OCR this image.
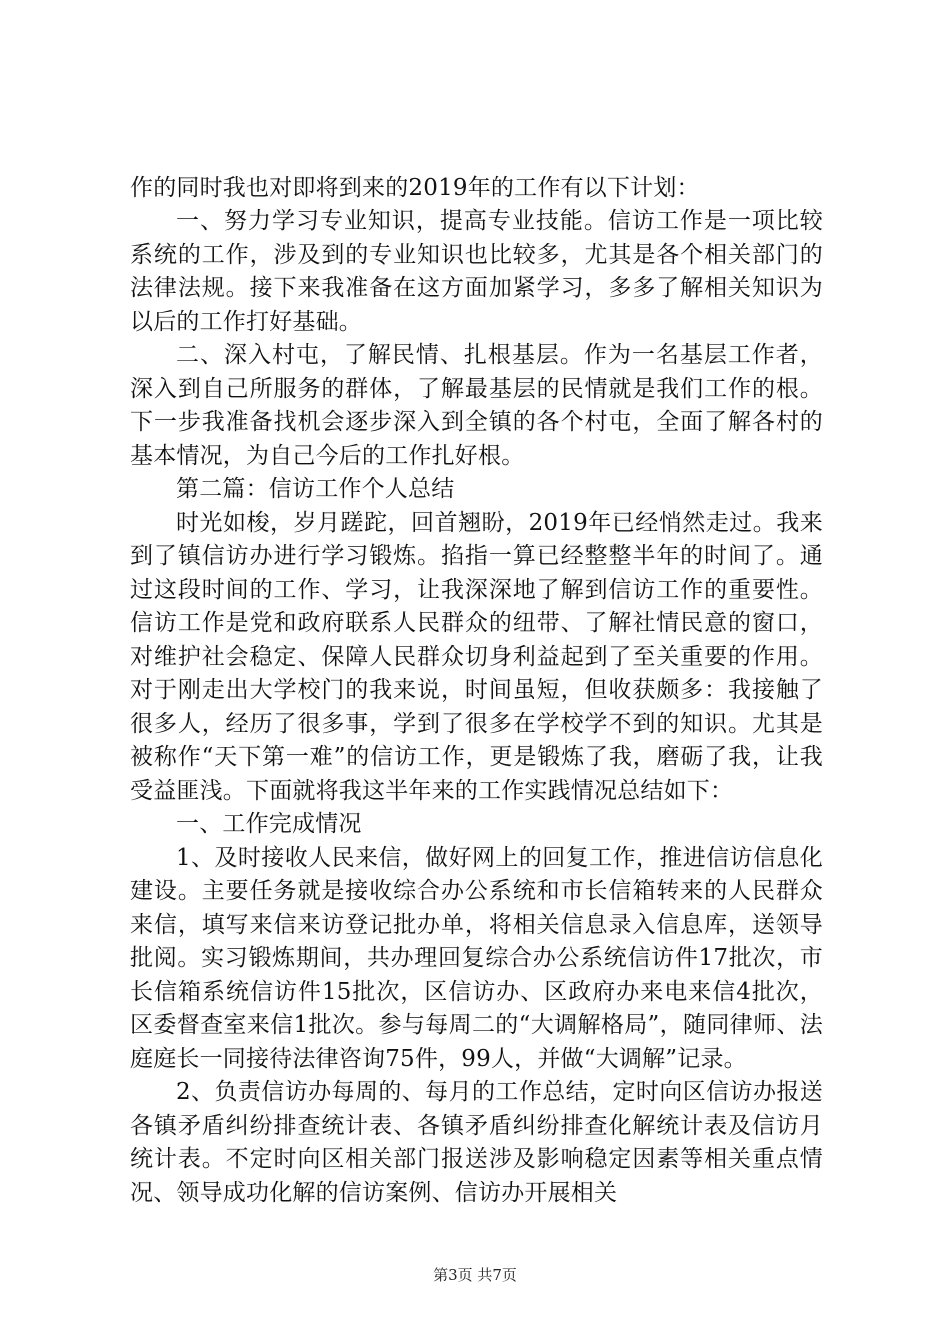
作的同时我也对即将到来的2019年的工作有以下计划：

一、努力学习专业知识，提高专业技能。信访工作是一项比较系统的工作，涉及到的专业知识也比较多，尤其是各个相关部门的法律法规。接下来我准备在这方面加紧学习，多多了解相关知识为以后的工作打好基础。

二、深入村屯，了解民情、扎根基层。作为一名基层工作者，深入到自己所服务的群体，了解最基层的民情就是我们工作的根。下一步我准备找机会逐步深入到全镇的各个村屯，全面了解各村的基本情况，为自己今后的工作扎好根。

第二篇：信访工作个人总结

时光如梭，岁月蹉跎，回首翘盼，2019年已经悄然走过。我来到了镇信访办进行学习锻炼。掐指一算已经整整半年的时间了。通过这段时间的工作、学习，让我深深地了解到信访工作的重要性。信访工作是党和政府联系人民群众的纽带、了解社情民意的窗口，对维护社会稳定、保障人民群众切身利益起到了至关重要的作用。对于刚走出大学校门的我来说，时间虽短，但收获颇多：我接触了很多人，经历了很多事，学到了很多在学校学不到的知识。尤其是被称作“天下第一难”的信访工作，更是锻炼了我，磨砺了我，让我受益匪浅。下面就将我这半年来的工作实践情况总结如下：

一、工作完成情况

1、及时接收人民来信，做好网上的回复工作，推进信访信息化建设。主要任务就是接收综合办公系统和市长信箱转来的人民群众来信，填写来信来访登记批办单，将相关信息录入信息库，送领导批阅。实习锻炼期间，共办理回复综合办公系统信访件17批次，市长信箱系统信访件15批次，区信访办、区政府办来电来信4批次，区委督查室来信1批次。参与每周二的“大调解格局”，随同律师、法庭庭长一同接待法律咨询75件，99人，并做“大调解”记录。

2、负责信访办每周的、每月的工作总结，定时向区信访办报送各镇矛盾纠纷排查统计表、各镇矛盾纠纷排查化解统计表及信访月统计表。不定时向区相关部门报送涉及影响稳定因素等相关重点情况、领导成功化解的信访案例、信访办开展相关

第3页 共7页
